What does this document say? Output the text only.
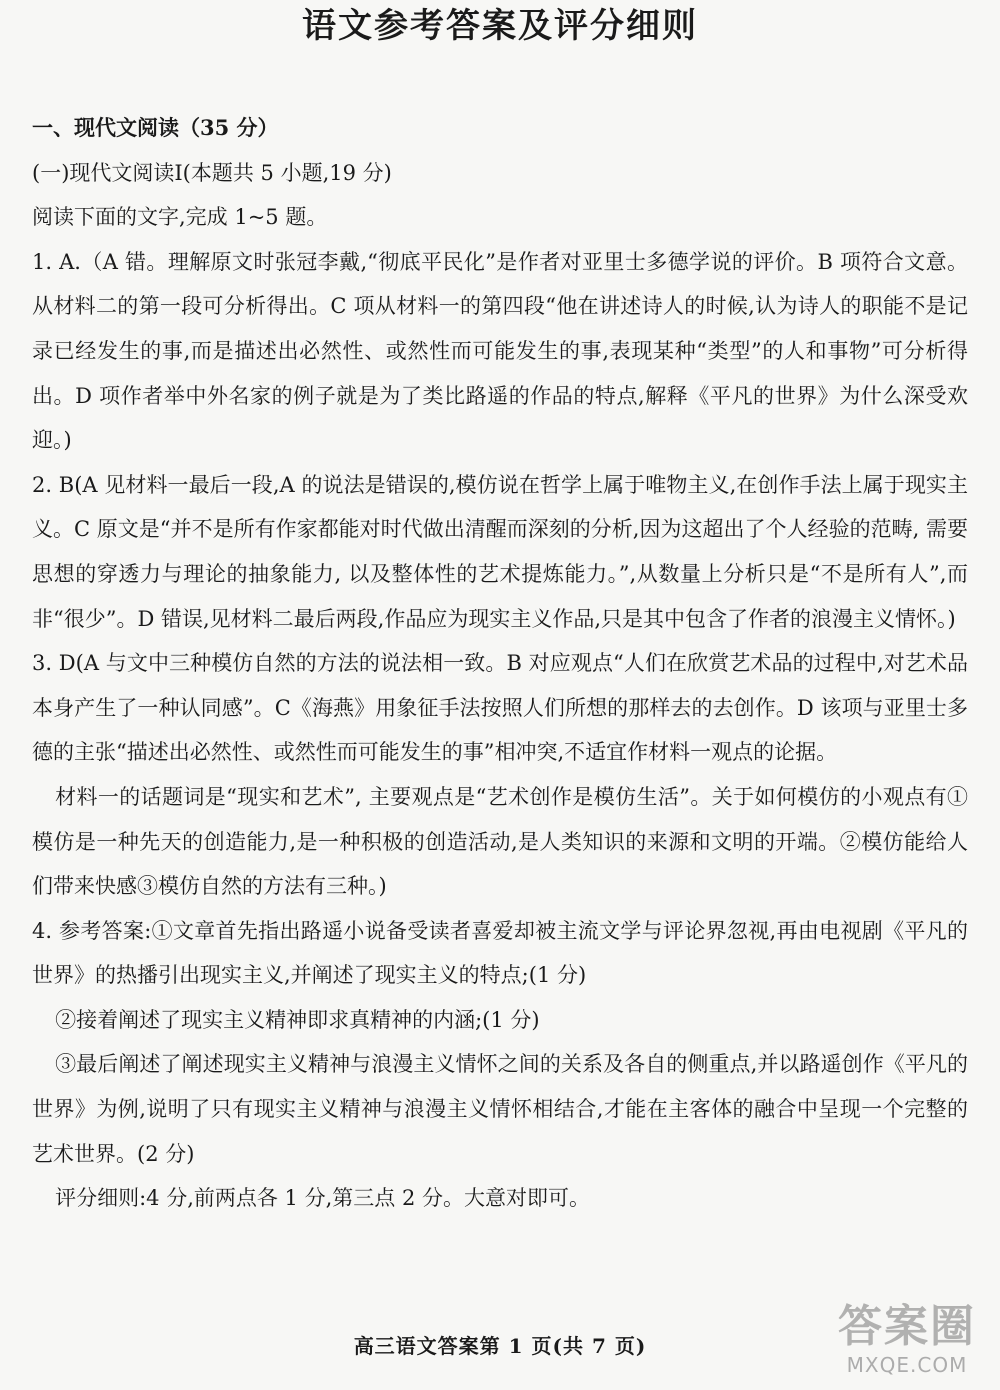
语文参考答案及评分细则

一、现代文阅读（35 分）

(一)现代文阅读Ⅰ(本题共 5 小题,19 分)

阅读下面的文字,完成 1~5 题。

1. A.（A 错。理解原文时张冠李戴,“彻底平民化”是作者对亚里士多德学说的评价。B 项符合文意。从材料二的第一段可分析得出。C 项从材料一的第四段“他在讲述诗人的时候,认为诗人的职能不是记录已经发生的事,而是描述出必然性、或然性而可能发生的事,表现某种“类型”的人和事物”可分析得出。D 项作者举中外名家的例子就是为了类比路遥的作品的特点,解释《平凡的世界》为什么深受欢迎。)

2. B(A 见材料一最后一段,A 的说法是错误的,模仿说在哲学上属于唯物主义,在创作手法上属于现实主义。C 原文是“并不是所有作家都能对时代做出清醒而深刻的分析,因为这超出了个人经验的范畴, 需要思想的穿透力与理论的抽象能力, 以及整体性的艺术提炼能力。”,从数量上分析只是“不是所有人”,而非“很少”。D 错误,见材料二最后两段,作品应为现实主义作品,只是其中包含了作者的浪漫主义情怀。)

3. D(A 与文中三种模仿自然的方法的说法相一致。B 对应观点“人们在欣赏艺术品的过程中,对艺术品本身产生了一种认同感”。C《海燕》用象征手法按照人们所想的那样去的去创作。D 该项与亚里士多德的主张“描述出必然性、或然性而可能发生的事”相冲突,不适宜作材料一观点的论据。

材料一的话题词是“现实和艺术”, 主要观点是“艺术创作是模仿生活”。关于如何模仿的小观点有①模仿是一种先天的创造能力,是一种积极的创造活动,是人类知识的来源和文明的开端。②模仿能给人们带来快感③模仿自然的方法有三种。)

4. 参考答案:①文章首先指出路遥小说备受读者喜爱却被主流文学与评论界忽视,再由电视剧《平凡的世界》的热播引出现实主义,并阐述了现实主义的特点;(1 分)

②接着阐述了现实主义精神即求真精神的内涵;(1 分)

③最后阐述了阐述现实主义精神与浪漫主义情怀之间的关系及各自的侧重点,并以路遥创作《平凡的世界》为例,说明了只有现实主义精神与浪漫主义情怀相结合,才能在主客体的融合中呈现一个完整的艺术世界。(2 分)

评分细则:4 分,前两点各 1 分,第三点 2 分。大意对即可。

高三语文答案第 1 页(共 7 页)	答案圈
MXQE.COM
